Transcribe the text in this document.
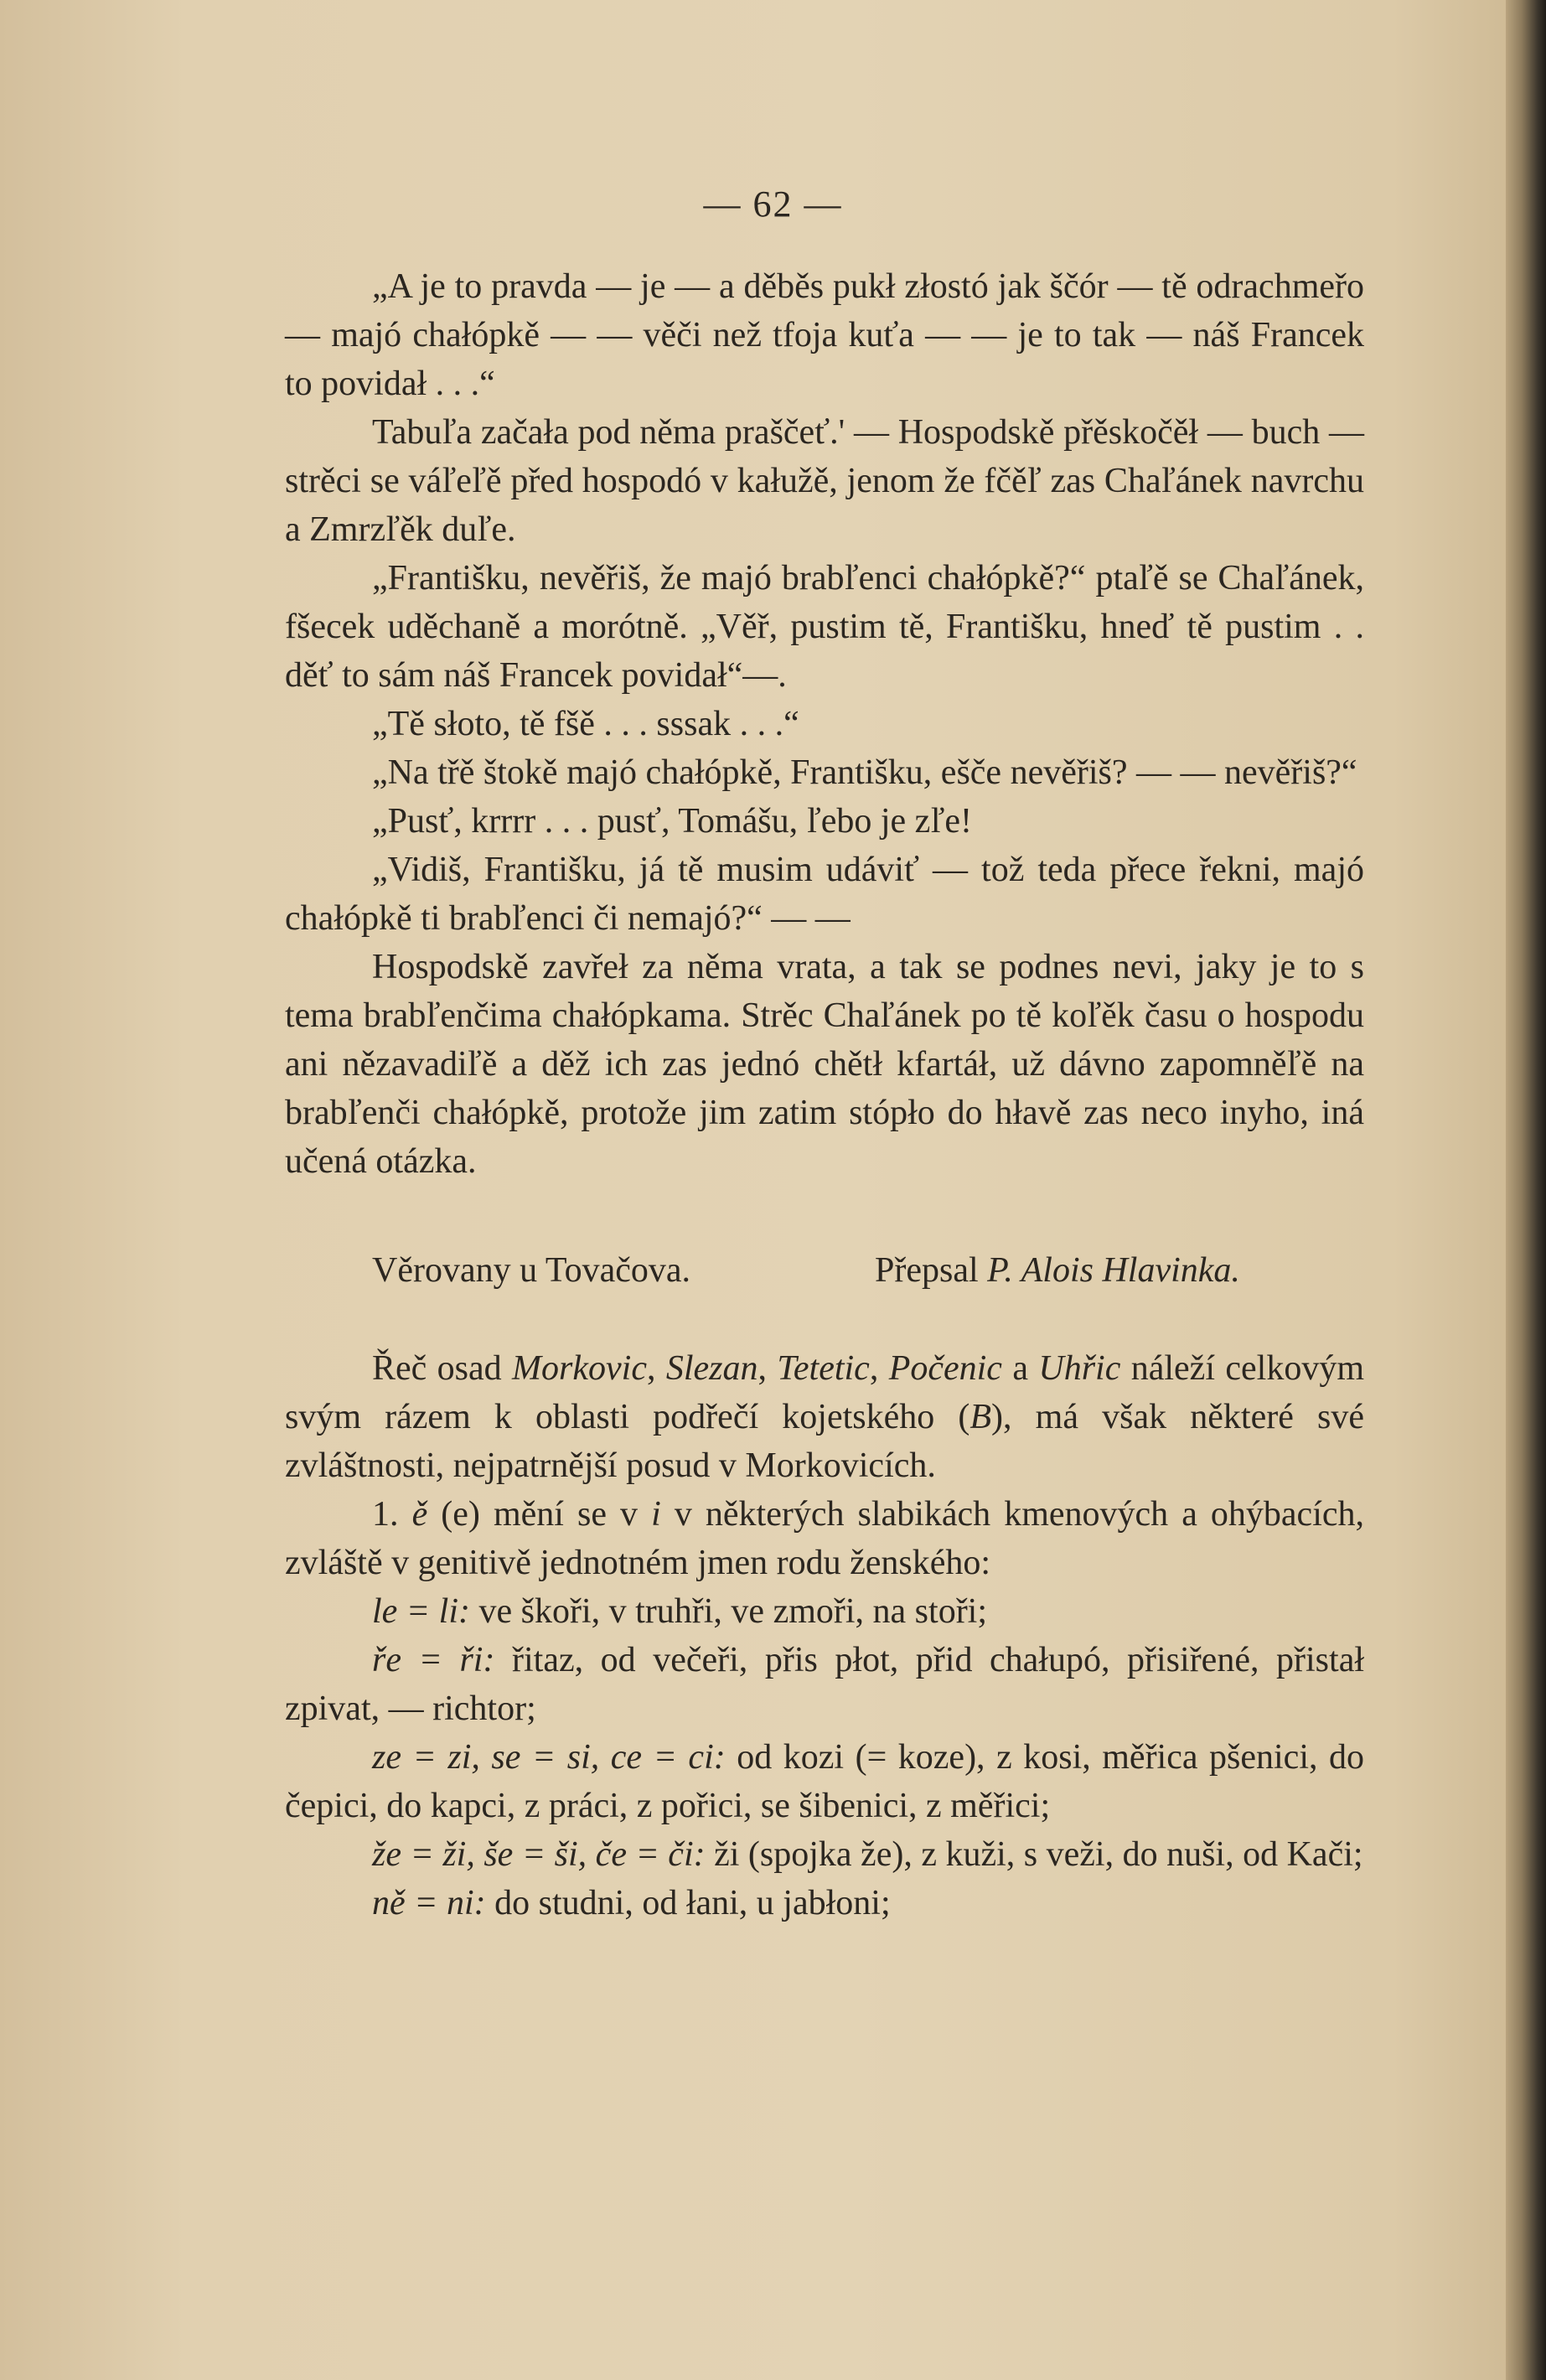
— 62 —

„A je to pravda — je — a děběs pukł złostó jak ščór — tě odrachmeřo — majó chałópkě — — věči než tfoja kuťa — — je to tak — náš Francek to povidał . . .“

Tabuľa začała pod něma praščeť.' — Hospodskě přěskočěł — buch — strěci se váľeľě před hospodó v kałužě, jenom že fčěľ zas Chaľánek navrchu a Zmrzľěk duľe.

„Františku, nevěřiš, že majó brabľenci chałópkě?“ ptaľě se Chaľánek, fšecek uděchaně a morótně. „Věř, pustim tě, Františku, hneď tě pustim . . děť to sám náš Francek povidał“—.

„Tě słoto, tě fšě . . . sssak . . .“

„Na třě štokě majó chałópkě, Františku, ešče nevěřiš? — — nevěřiš?“

„Pusť, krrrr . . . pusť, Tomášu, ľebo je zľe!

„Vidiš, Františku, já tě musim udáviť — tož teda přece řekni, majó chałópkě ti brabľenci či nemajó?“ — —

Hospodskě zavřeł za něma vrata, a tak se podnes nevi, jaky je to s tema brabľenčima chałópkama. Strěc Chaľánek po tě koľěk času o hospodu ani nězavadiľě a děž ich zas jednó chětł kfartáł, už dávno zapomněľě na brabľenči chałópkě, protože jim zatim stópło do hłavě zas neco inyho, iná učená otázka.

Věrovany u Tovačova.	Přepsal P. Alois Hlavinka.

Řeč osad Morkovic, Slezan, Tetetic, Počenic a Uhřic náleží celkovým svým rázem k oblasti podřečí kojetského (B), má však některé své zvláštnosti, nejpatrnější posud v Morkovicích.

1. ě (e) mění se v i v některých slabikách kmenových a ohýbacích, zvláště v genitivě jednotném jmen rodu ženského:

le = li: ve škoři, v truhři, ve zmoři, na stoři;

ře = ři: řitaz, od večeři, přis płot, přid chałupó, přisiřené, přistał zpivat, — richtor;

ze = zi, se = si, ce = ci: od kozi (= koze), z kosi, měřica pšenici, do čepici, do kapci, z práci, z pořici, se šibenici, z měřici;

že = ži, še = ši, če = či: ži (spojka že), z kuži, s veži, do nuši, od Kači;

ně = ni: do studni, od łani, u jabłoni;
